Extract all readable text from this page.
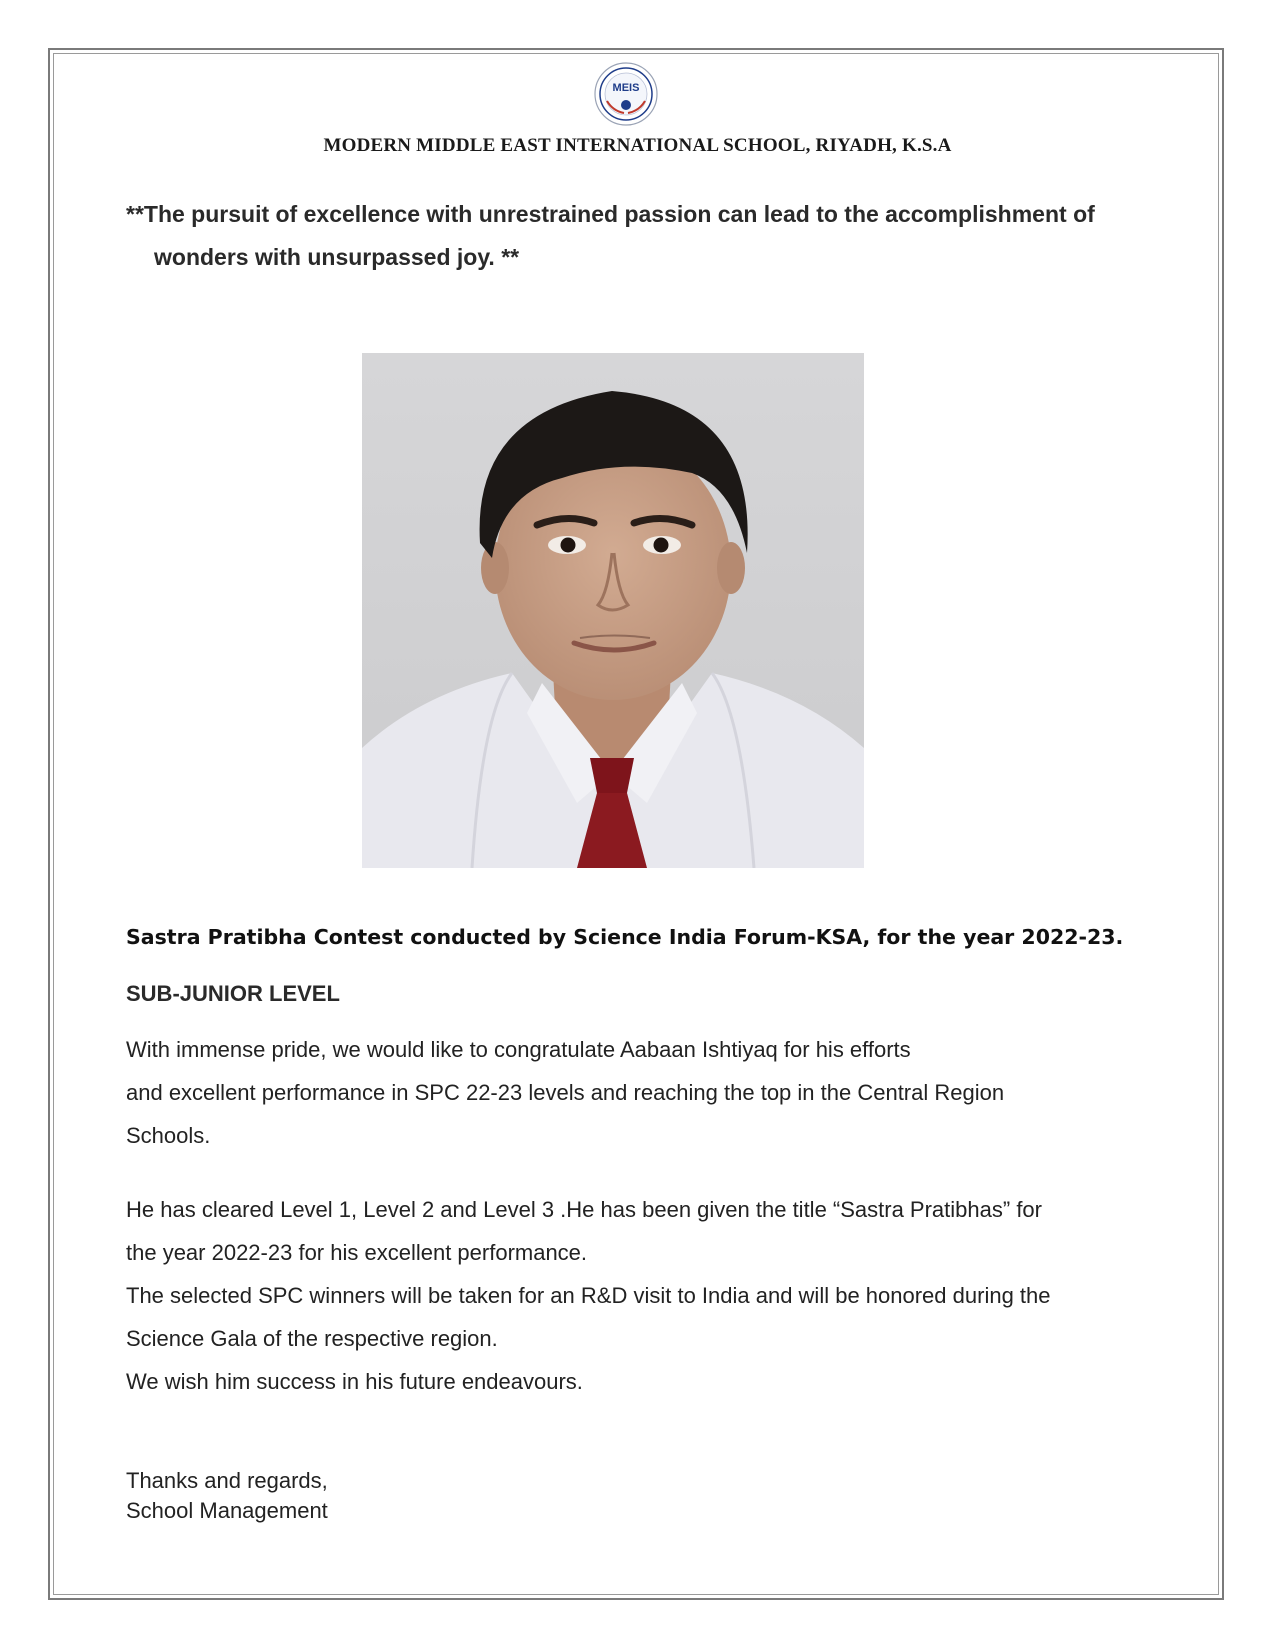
MEIS
MODERN MIDDLE EAST INTERNATIONAL SCHOOL, RIYADH, K.S.A

**The pursuit of excellence with unrestrained passion can lead to the accomplishment of
wonders with unsurpassed joy. **

Sastra Pratibha Contest conducted by Science India Forum-KSA, for the year 2022-23.

SUB-JUNIOR LEVEL

With immense pride, we would like to congratulate Aabaan Ishtiyaq for his efforts
and excellent performance in SPC 22-23 levels and reaching the top in the Central Region
Schools.

He has cleared Level 1, Level 2 and Level 3 .He has been given the title “Sastra Pratibhas” for
the year 2022-23 for his excellent performance.
The selected SPC winners will be taken for an R&D visit to India and will be honored during the
Science Gala of the respective region.
We wish him success in his future endeavours.

Thanks and regards,
School Management
